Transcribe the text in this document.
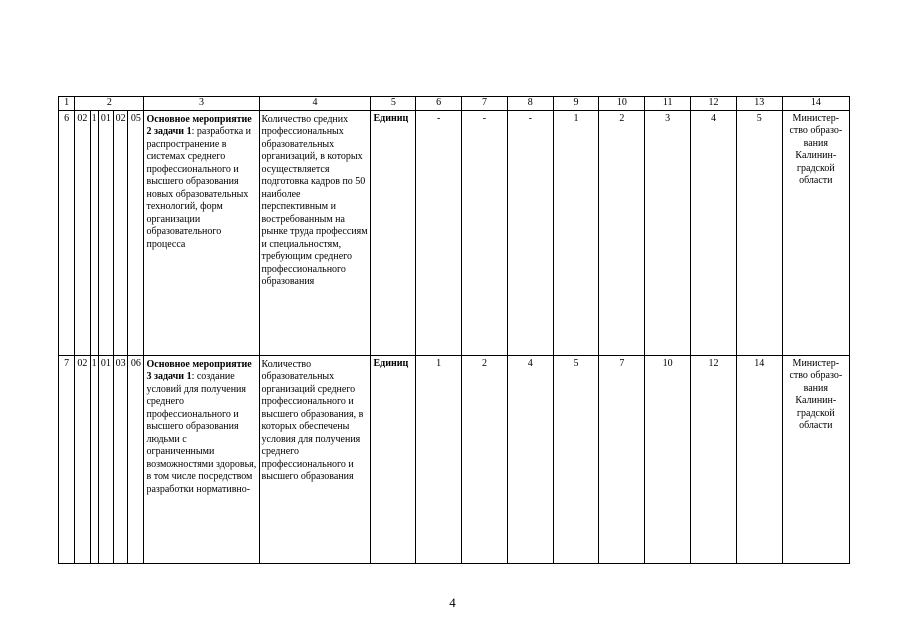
1	2					3	4	5	6	7	8	9	10	11	12	13	14
6	02	1	01	02	05	Основное мероприятие 2 задачи 1: разработка и распространение в системах среднего профессионального и высшего образования новых образовательных технологий, форм организации образовательного процесса	Количество средних профессиональных образовательных организаций, в которых осуществляется подготовка кадров по 50 наиболее перспективным и востребованным на рынке труда профессиям и специальностям, требующим среднего профессионального образования	Единиц	-	-	-	1	2	3	4	5	Министер- ство образо- вания Калинин- градской области
7	02	1	01	03	06	Основное мероприятие 3 задачи 1: создание условий для получения среднего профессионального и высшего образования людьми с ограниченными возможностями здоровья, в том числе посредством разработки нормативно-	Количество образовательных организаций среднего профессионального и высшего образования, в которых обеспечены условия для получения среднего профессионального и высшего образования	Единиц	1	2	4	5	7	10	12	14	Министер- ство образо- вания Калинин- градской области
4
